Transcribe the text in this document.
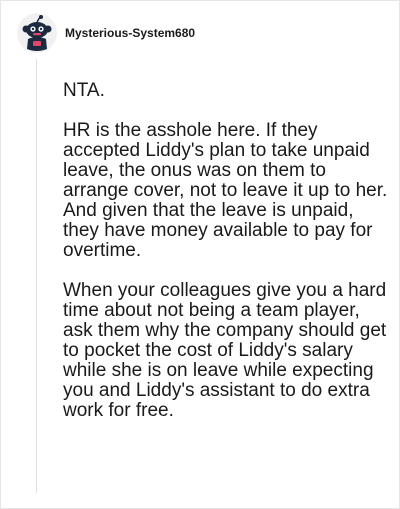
Mysterious-System680

NTA.

HR is the asshole here. If they accepted Liddy's plan to take unpaid leave, the onus was on them to arrange cover, not to leave it up to her. And given that the leave is unpaid, they have money available to pay for overtime.

When your colleagues give you a hard time about not being a team player, ask them why the company should get to pocket the cost of Liddy's salary while she is on leave while expecting you and Liddy's assistant to do extra work for free.
